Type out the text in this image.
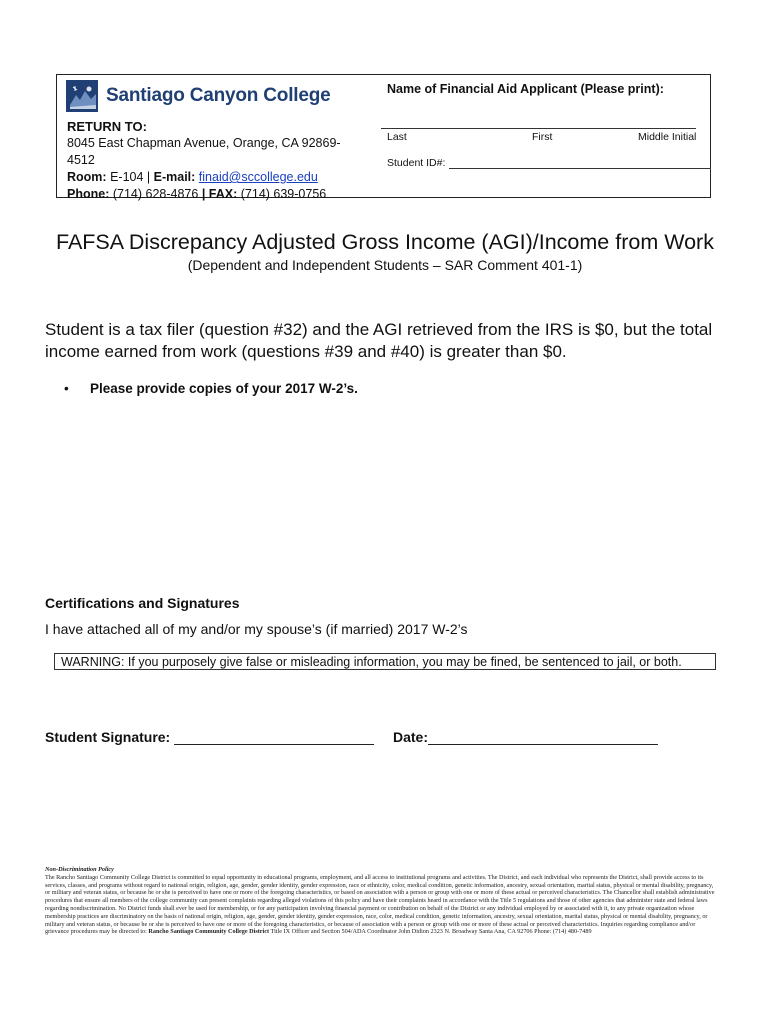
Santiago Canyon College
RETURN TO:
8045 East Chapman Avenue, Orange, CA 92869-4512
Room: E-104 | E-mail: finaid@sccollege.edu
Phone: (714) 628-4876 | FAX: (714) 639-0756
Name of Financial Aid Applicant (Please print):
Last	First	Middle Initial
Student ID#:
FAFSA Discrepancy Adjusted Gross Income (AGI)/Income from Work
(Dependent and Independent Students – SAR Comment 401-1)
Student is a tax filer (question #32) and the AGI retrieved from the IRS is $0, but the total income earned from work (questions #39 and #40) is greater than $0.
•	Please provide copies of your 2017 W-2’s.
Certifications and Signatures
I have attached all of my and/or my spouse’s (if married) 2017 W-2’s
WARNING: If you purposely give false or misleading information, you may be fined, be sentenced to jail, or both.
Student Signature:	Date:
Non-Discrimination Policy
The Rancho Santiago Community College District is committed to equal opportunity in educational programs, employment, and all access to institutional programs and activities. The District, and each individual who represents the District, shall provide access to its services, classes, and programs without regard to national origin, religion, age, gender, gender identity, gender expression, race or ethnicity, color, medical condition, genetic information, ancestry, sexual orientation, marital status, physical or mental disability, pregnancy, or military and veteran status, or because he or she is perceived to have one or more of the foregoing characteristics, or based on association with a person or group with one or more of these actual or perceived characteristics. The Chancellor shall establish administrative procedures that ensure all members of the college community can present complaints regarding alleged violations of this policy and have their complaints heard in accordance with the Title 5 regulations and those of other agencies that administer state and federal laws regarding nondiscrimination. No District funds shall ever be used for membership, or for any participation involving financial payment or contribution on behalf of the District or any individual employed by or associated with it, to any private organization whose membership practices are discriminatory on the basis of national origin, religion, age, gender, gender identity, gender expression, race, color, medical condition, genetic information, ancestry, sexual orientation, marital status, physical or mental disability, pregnancy, or military and veteran status, or because he or she is perceived to have one or more of the foregoing characteristics, or because of association with a person or group with one or more of these actual or perceived characteristics. Inquiries regarding compliance and/or grievance procedures may be directed to: Rancho Santiago Community College District Title IX Officer and Section 504/ADA Coordinator John Didion 2323 N. Broadway Santa Ana, CA 92706 Phone: (714) 480-7489
